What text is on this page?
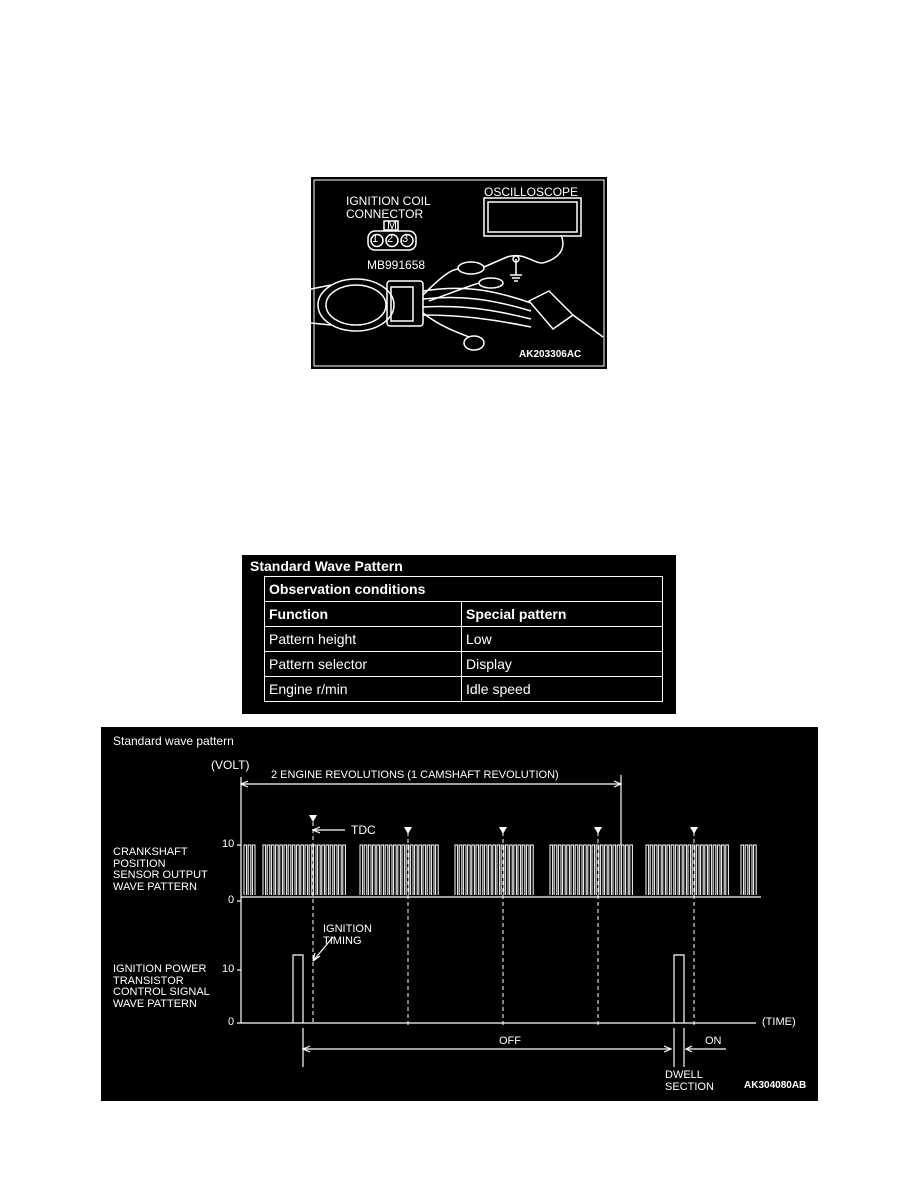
IGNITION COIL
CONNECTOR
M
1 2 3
MB991658
OSCILLOSCOPE
AK203306AC
Standard Wave Pattern
Observation conditions	
Function	Special pattern
Pattern height	Low
Pattern selector	Display
Engine r/min	Idle speed
Standard wave pattern
(VOLT)
2 ENGINE REVOLUTIONS (1 CAMSHAFT REVOLUTION)
TDC
CRANKSHAFT
POSITION
SENSOR OUTPUT
WAVE PATTERN
10
0
IGNITION
TIMING
IGNITION POWER
TRANSISTOR
CONTROL SIGNAL
WAVE PATTERN
10
0	(TIME)
OFF	ON
DWELL
SECTION	AK304080AB
